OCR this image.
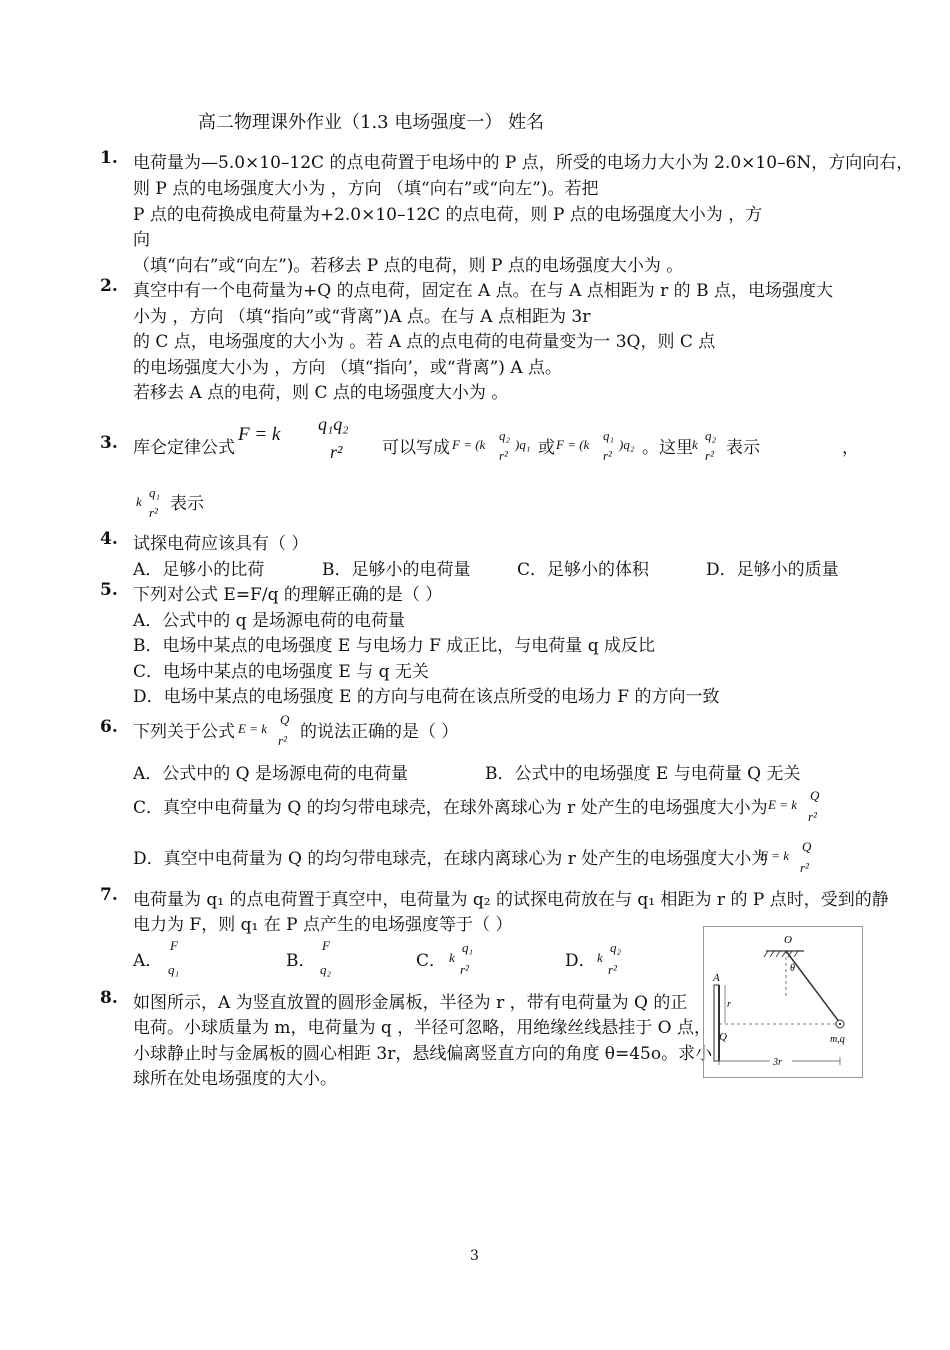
高二物理课外作业（1.3 电场强度一） 姓名
1. 电荷量为—5.0×10–12C 的点电荷置于电场中的 P 点，所受的电场力大小为 2.0×10–6N，方向向右，
则 P 点的电场强度大小为 ，方向 （填“向右”或“向左”)。若把
P 点的电荷换成电荷量为+2.0×10–12C 的点电荷，则 P 点的电场强度大小为 ，方
向
（填“向右”或“向左”)。若移去 P 点的电荷，则 P 点的电场强度大小为 。
2. 真空中有一个电荷量为+Q 的点电荷，固定在 A 点。在与 A 点相距为 r 的 B 点，电场强度大
小为 ，方向 （填“指向”或“背离”)A 点。在与 A 点相距为 3r
的 C 点，电场强度的大小为 。若 A 点的点电荷的电荷量变为一 3Q，则 C 点
的电场强度大小为 ，方向 （填“指向’，或“背离”) A 点。
若移去 A 点的电荷，则 C 点的电场强度大小为 。
3. 库仑定律公式
F = k q₁q₂
r² 可以写成 F = (k
q₂
r²
)q₁ 或 F = (k
q₁
r²
)q₂ 。这里 k
q₂
r² 表示	，
k
q₁
r² 表示
4. 试探电荷应该具有（ ）
A．足够小的比荷	B．足够小的电荷量	C．足够小的体积	D．足够小的质量
5. 下列对公式 E=F/q 的理解正确的是（ ）
A．公式中的 q 是场源电荷的电荷量
B．电场中某点的电场强度 E 与电场力 F 成正比，与电荷量 q 成反比
C．电场中某点的电场强度 E 与 q 无关
D．电场中某点的电场强度 E 的方向与电荷在该点所受的电场力 F 的方向一致
6. 下列关于公式 E = k
Q
r² 的说法正确的是（ ）
A．公式中的 Q 是场源电荷的电荷量	B．公式中的电场强度 E 与电荷量 Q 无关
C．真空中电荷量为 Q 的均匀带电球壳，在球外离球心为 r 处产生的电场强度大小为 E = k
Q
r²
D．真空中电荷量为 Q 的均匀带电球壳，在球内离球心为 r 处产生的电场强度大小为
E = k
Q
r²
7. 电荷量为 q₁ 的点电荷置于真空中，电荷量为 q₂ 的试探电荷放在与 q₁ 相距为 r 的 P 点时，受到的静
电力为 F，则 q₁ 在 P 点产生的电场强度等于（ ）
A．
F
q₁	B．
F
q₂	C． k
q₁
r²	D． k
q₂
r²
8. 如图所示，A 为竖直放置的圆形金属板，半径为 r ，带有电荷量为 Q 的正
电荷。小球质量为 m，电荷量为 q ，半径可忽略，用绝缘丝线悬挂于 O 点，
小球静止时与金属板的圆心相距 3r，悬线偏离竖直方向的角度 θ=45o。求小
球所在处电场强度的大小。
O
θ
A
r
Q	m,q
3r
3
